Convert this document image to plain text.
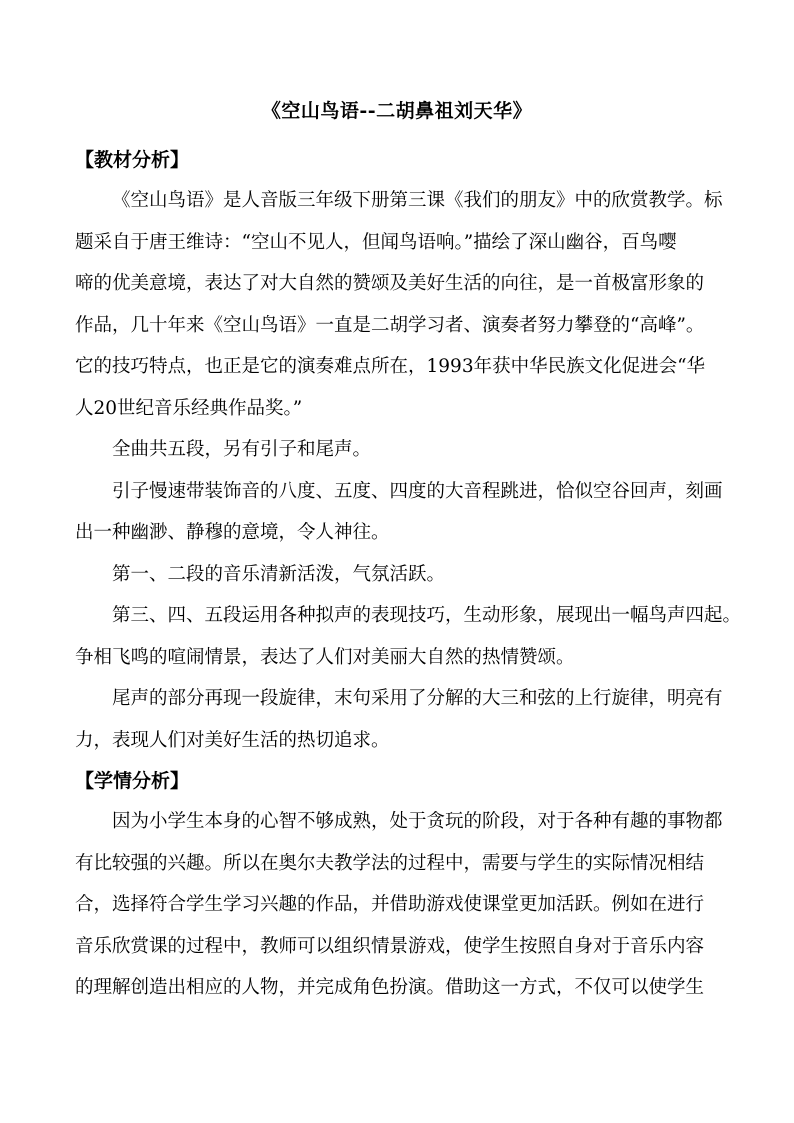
《空山鸟语--二胡鼻祖刘天华》
【教材分析】
《空山鸟语》是人音版三年级下册第三课《我们的朋友》中的欣赏教学。标
题采自于唐王维诗：“空山不见人，但闻鸟语响。”描绘了深山幽谷，百鸟嘤
啼的优美意境，表达了对大自然的赞颂及美好生活的向往，是一首极富形象的
作品，几十年来《空山鸟语》一直是二胡学习者、演奏者努力攀登的“高峰”。
它的技巧特点，也正是它的演奏难点所在，1993年获中华民族文化促进会“华
人20世纪音乐经典作品奖。”
全曲共五段，另有引子和尾声。
引子慢速带装饰音的八度、五度、四度的大音程跳进，恰似空谷回声，刻画
出一种幽渺、静穆的意境，令人神往。
第一、二段的音乐清新活泼，气氛活跃。
第三、四、五段运用各种拟声的表现技巧，生动形象，展现出一幅鸟声四起。
争相飞鸣的喧闹情景，表达了人们对美丽大自然的热情赞颂。
尾声的部分再现一段旋律，末句采用了分解的大三和弦的上行旋律，明亮有
力，表现人们对美好生活的热切追求。
【学情分析】
因为小学生本身的心智不够成熟，处于贪玩的阶段，对于各种有趣的事物都
有比较强的兴趣。所以在奥尔夫教学法的过程中，需要与学生的实际情况相结
合，选择符合学生学习兴趣的作品，并借助游戏使课堂更加活跃。例如在进行
音乐欣赏课的过程中，教师可以组织情景游戏，使学生按照自身对于音乐内容
的理解创造出相应的人物，并完成角色扮演。借助这一方式，不仅可以使学生
